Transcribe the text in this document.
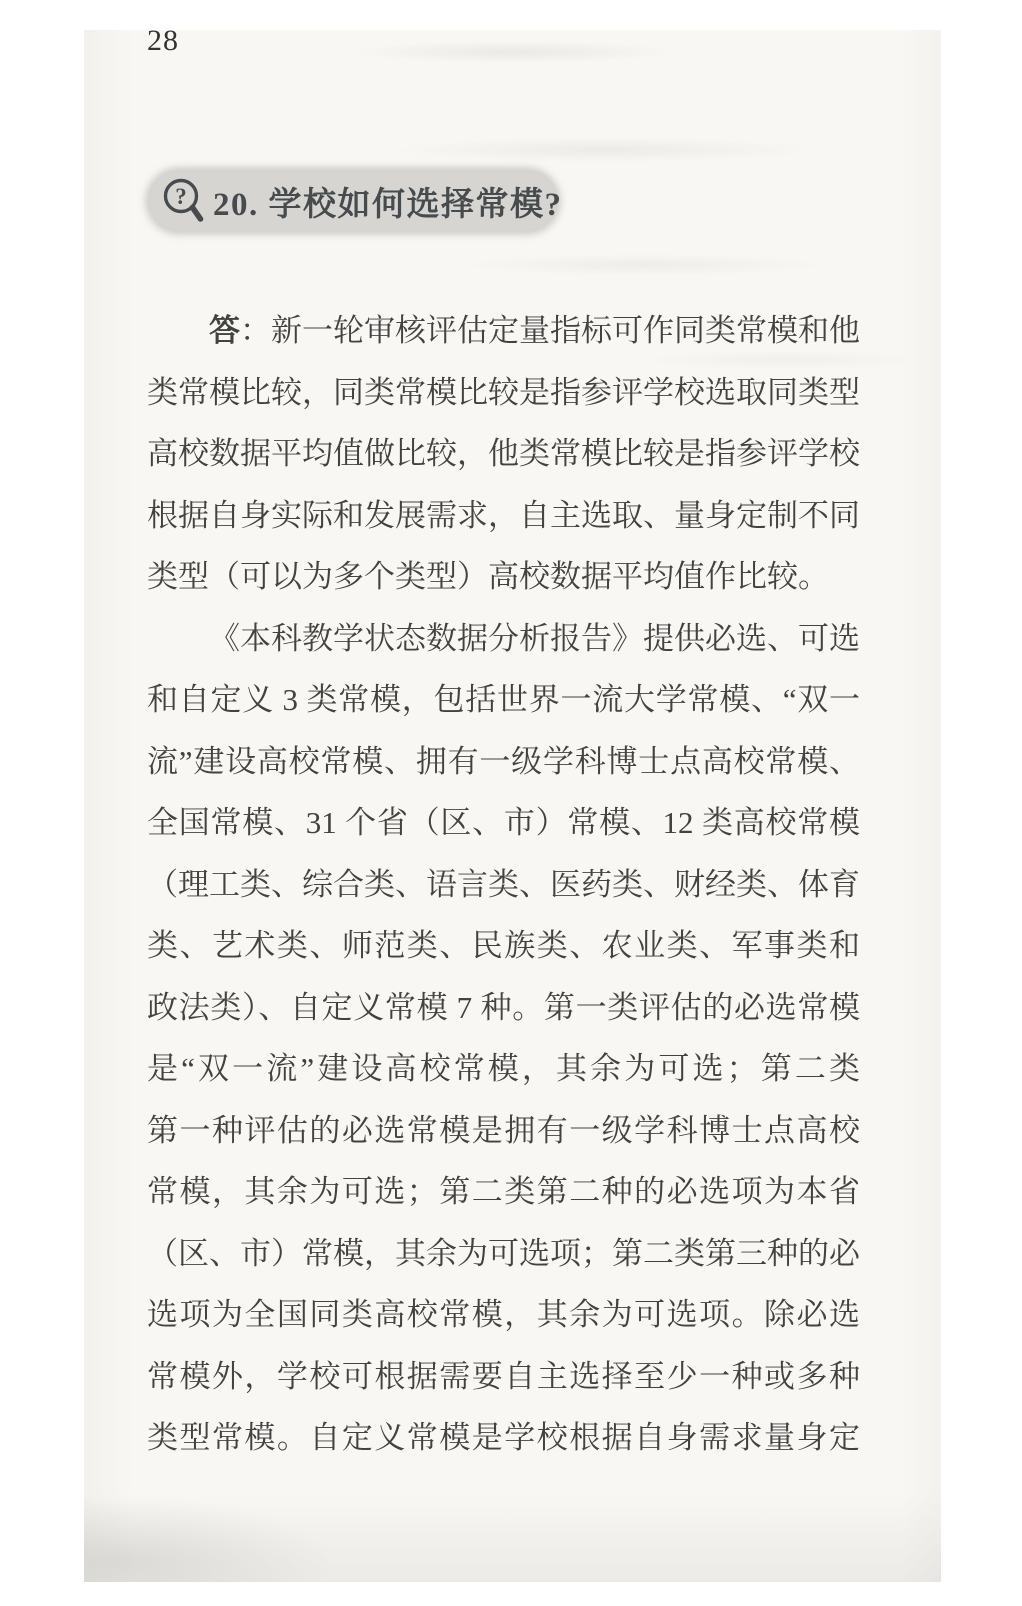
28
? 20. 学校如何选择常模?
答：新一轮审核评估定量指标可作同类常模和他
类常模比较，同类常模比较是指参评学校选取同类型
高校数据平均值做比较，他类常模比较是指参评学校
根据自身实际和发展需求，自主选取、量身定制不同
类型（可以为多个类型）高校数据平均值作比较。
《本科教学状态数据分析报告》提供必选、可选
和自定义 3 类常模，包括世界一流大学常模、“双一
流”建设高校常模、拥有一级学科博士点高校常模、
全国常模、31 个省（区、市）常模、12 类高校常模
（理工类、综合类、语言类、医药类、财经类、体育
类、艺术类、师范类、民族类、农业类、军事类和
政法类）、自定义常模 7 种。第一类评估的必选常模
是“双一流”建设高校常模，其余为可选；第二类
第一种评估的必选常模是拥有一级学科博士点高校
常模，其余为可选；第二类第二种的必选项为本省
（区、市）常模，其余为可选项；第二类第三种的必
选项为全国同类高校常模，其余为可选项。除必选
常模外，学校可根据需要自主选择至少一种或多种
类型常模。自定义常模是学校根据自身需求量身定
